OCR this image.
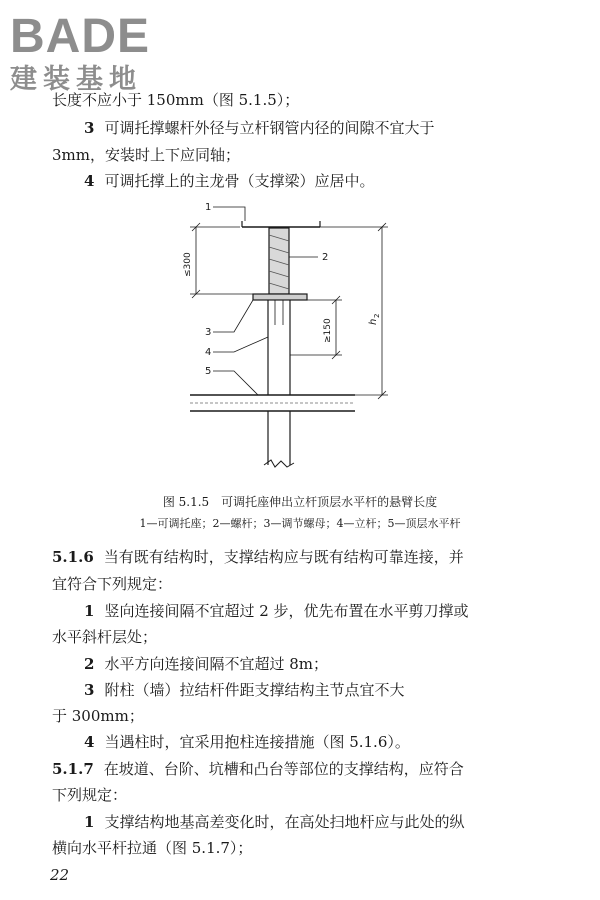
BADE
建装基地
长度不应小于 150mm（图 5.1.5）；
3 可调托撑螺杆外径与立杆钢管内径的间隙不宜大于
3mm，安装时上下应同轴；
4 可调托撑上的主龙骨（支撑梁）应居中。
1
2
3
4
5
≤300
≥150	h
2
图 5.1.5　可调托座伸出立杆顶层水平杆的悬臂长度
1—可调托座；2—螺杆；3—调节螺母；4—立杆；5—顶层水平杆
5.1.6 当有既有结构时，支撑结构应与既有结构可靠连接，并
宜符合下列规定：
1 竖向连接间隔不宜超过 2 步，优先布置在水平剪刀撑或
水平斜杆层处；
2 水平方向连接间隔不宜超过 8m；
3 附柱（墙）拉结杆件距支撑结构主节点宜不大
于 300mm；
4 当遇柱时，宜采用抱柱连接措施（图 5.1.6）。
5.1.7 在坡道、台阶、坑槽和凸台等部位的支撑结构，应符合
下列规定：
1 支撑结构地基高差变化时，在高处扫地杆应与此处的纵
横向水平杆拉通（图 5.1.7）；
22
